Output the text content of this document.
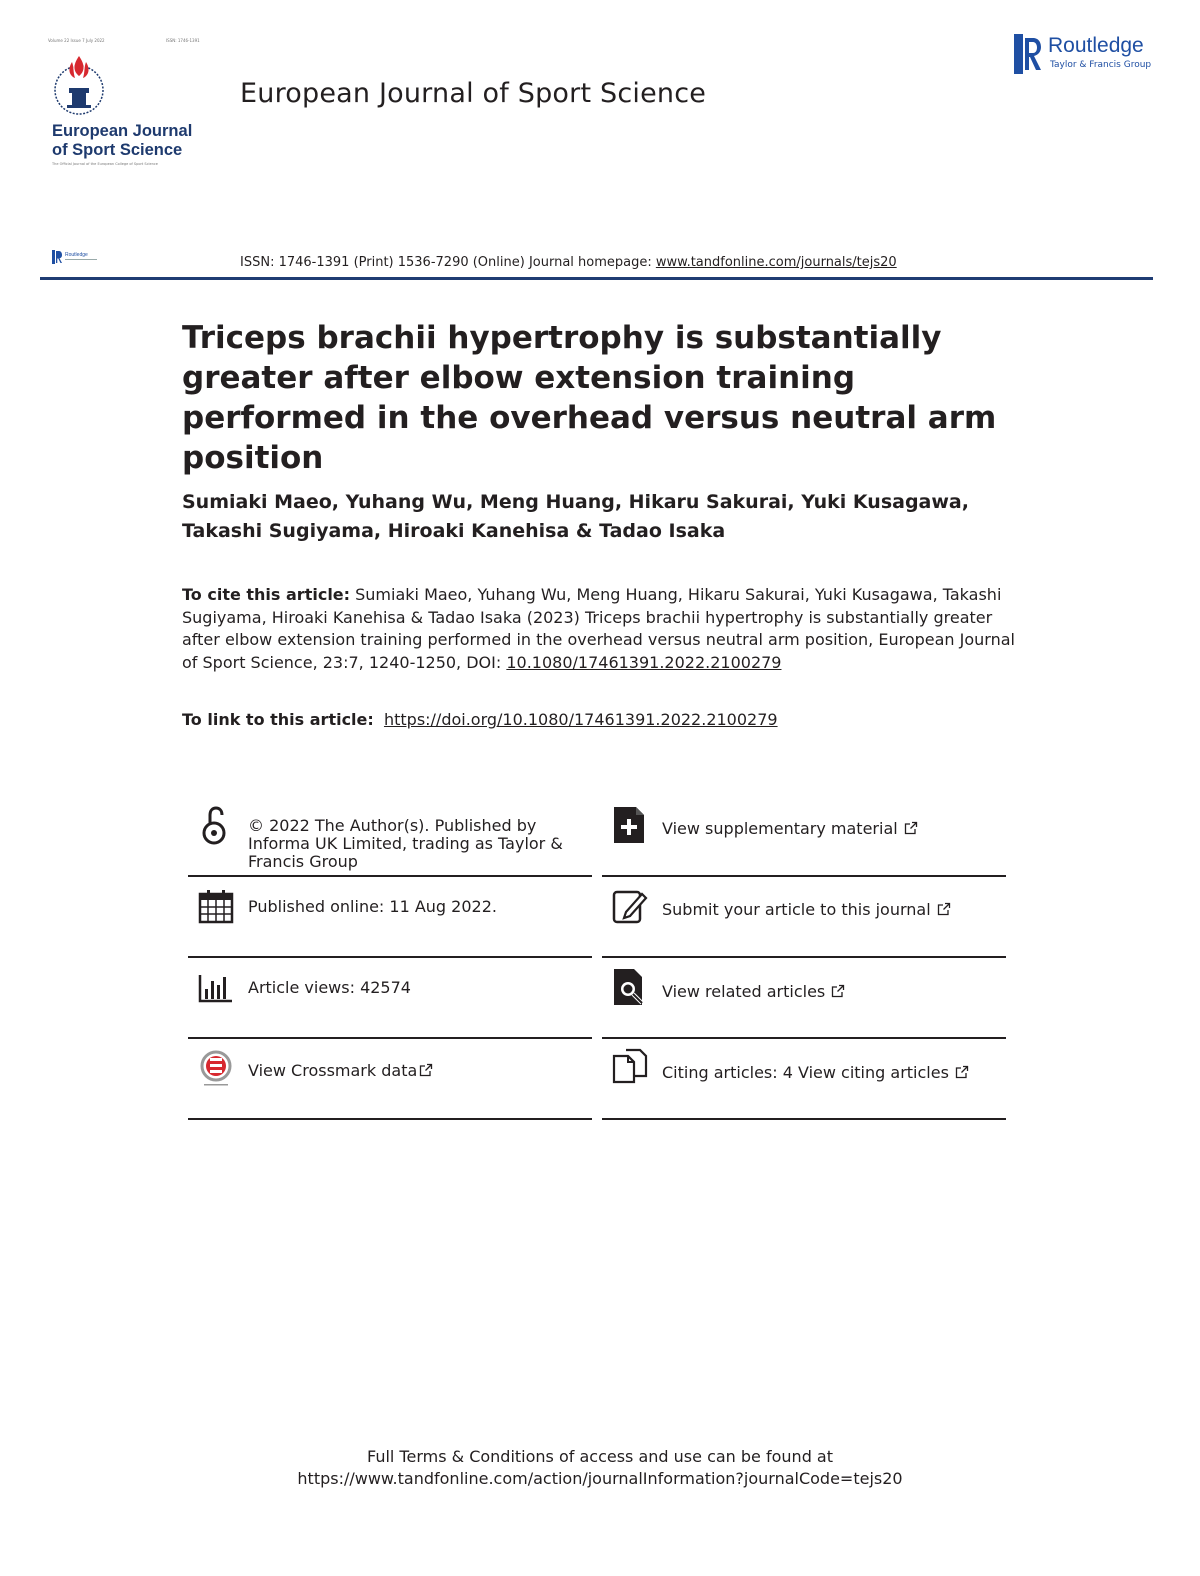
Volume 22 Issue 7 July 2022	ISSN: 1746-1391
European Journal
of Sport Science
The Official Journal of the European College of Sport Science
European Journal of Sport Science
Routledge
Taylor & Francis Group
Routledge	ISSN: 1746-1391 (Print) 1536-7290 (Online) Journal homepage: www.tandfonline.com/journals/tejs20
Triceps brachii hypertrophy is substantially greater after elbow extension training performed in the overhead versus neutral arm position
Sumiaki Maeo, Yuhang Wu, Meng Huang, Hikaru Sakurai, Yuki Kusagawa, Takashi Sugiyama, Hiroaki Kanehisa & Tadao Isaka
To cite this article: Sumiaki Maeo, Yuhang Wu, Meng Huang, Hikaru Sakurai, Yuki Kusagawa, Takashi Sugiyama, Hiroaki Kanehisa & Tadao Isaka (2023) Triceps brachii hypertrophy is substantially greater after elbow extension training performed in the overhead versus neutral arm position, European Journal of Sport Science, 23:7, 1240-1250, DOI: 10.1080/17461391.2022.2100279
To link to this article: https://doi.org/10.1080/17461391.2022.2100279
© 2022 The Author(s). Published by Informa UK Limited, trading as Taylor & Francis Group
Published online: 11 Aug 2022.
Article views: 42574
View Crossmark data
View supplementary material
Submit your article to this journal
View related articles
Citing articles: 4 View citing articles
Full Terms & Conditions of access and use can be found at
https://www.tandfonline.com/action/journalInformation?journalCode=tejs20
